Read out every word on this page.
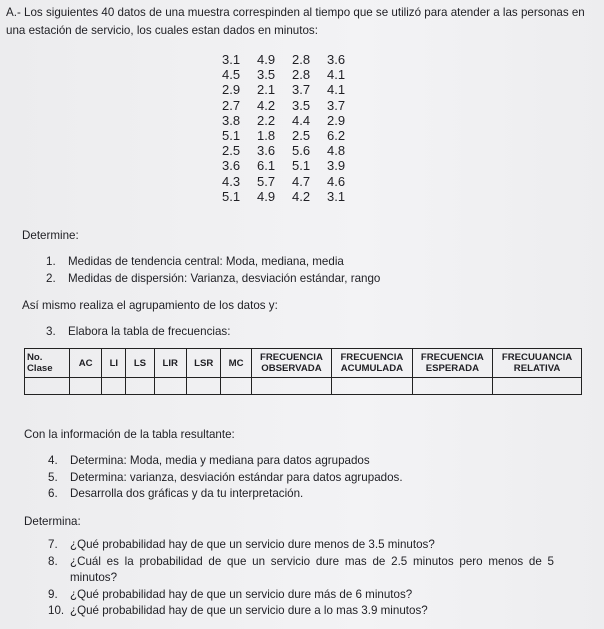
A.- Los siguientes 40 datos de una muestra correspinden al tiempo que se utilizó para atender a las personas en una estación de servicio, los cuales estan dados en minutos:
3.1	4.9	2.8	3.6
4.5	3.5	2.8	4.1
2.9	2.1	3.7	4.1
2.7	4.2	3.5	3.7
3.8	2.2	4.4	2.9
5.1	1.8	2.5	6.2
2.5	3.6	5.6	4.8
3.6	6.1	5.1	3.9
4.3	5.7	4.7	4.6
5.1	4.9	4.2	3.1
Determine:
1.	Medidas de tendencia central: Moda, mediana, media
2.	Medidas de dispersión: Varianza, desviación estándar, rango
Así mismo realiza el agrupamiento de los datos y:
3.	Elabora la tabla de frecuencias:
No. Clase	AC	LI	LS	LIR	LSR	MC	FRECUENCIA OBSERVADA	FRECUENCIA ACUMULADA	FRECUENCIA ESPERADA	FRECUUANCIA RELATIVA

Con la información de la tabla resultante:
4.	Determina: Moda, media y mediana para datos agrupados
5.	Determina: varianza, desviación estándar para datos agrupados.
6.	Desarrolla dos gráficas y da tu interpretación.
Determina:
7.	¿Qué probabilidad hay de que un servicio dure menos de 3.5 minutos?
8.	¿Cuál es la probabilidad de que un servicio dure mas de 2.5 minutos pero menos de 5 minutos?
9.	¿Qué probabilidad hay de que un servicio dure más de 6 minutos?
10. ¿Qué probabilidad hay de que un servicio dure a lo mas 3.9 minutos?
